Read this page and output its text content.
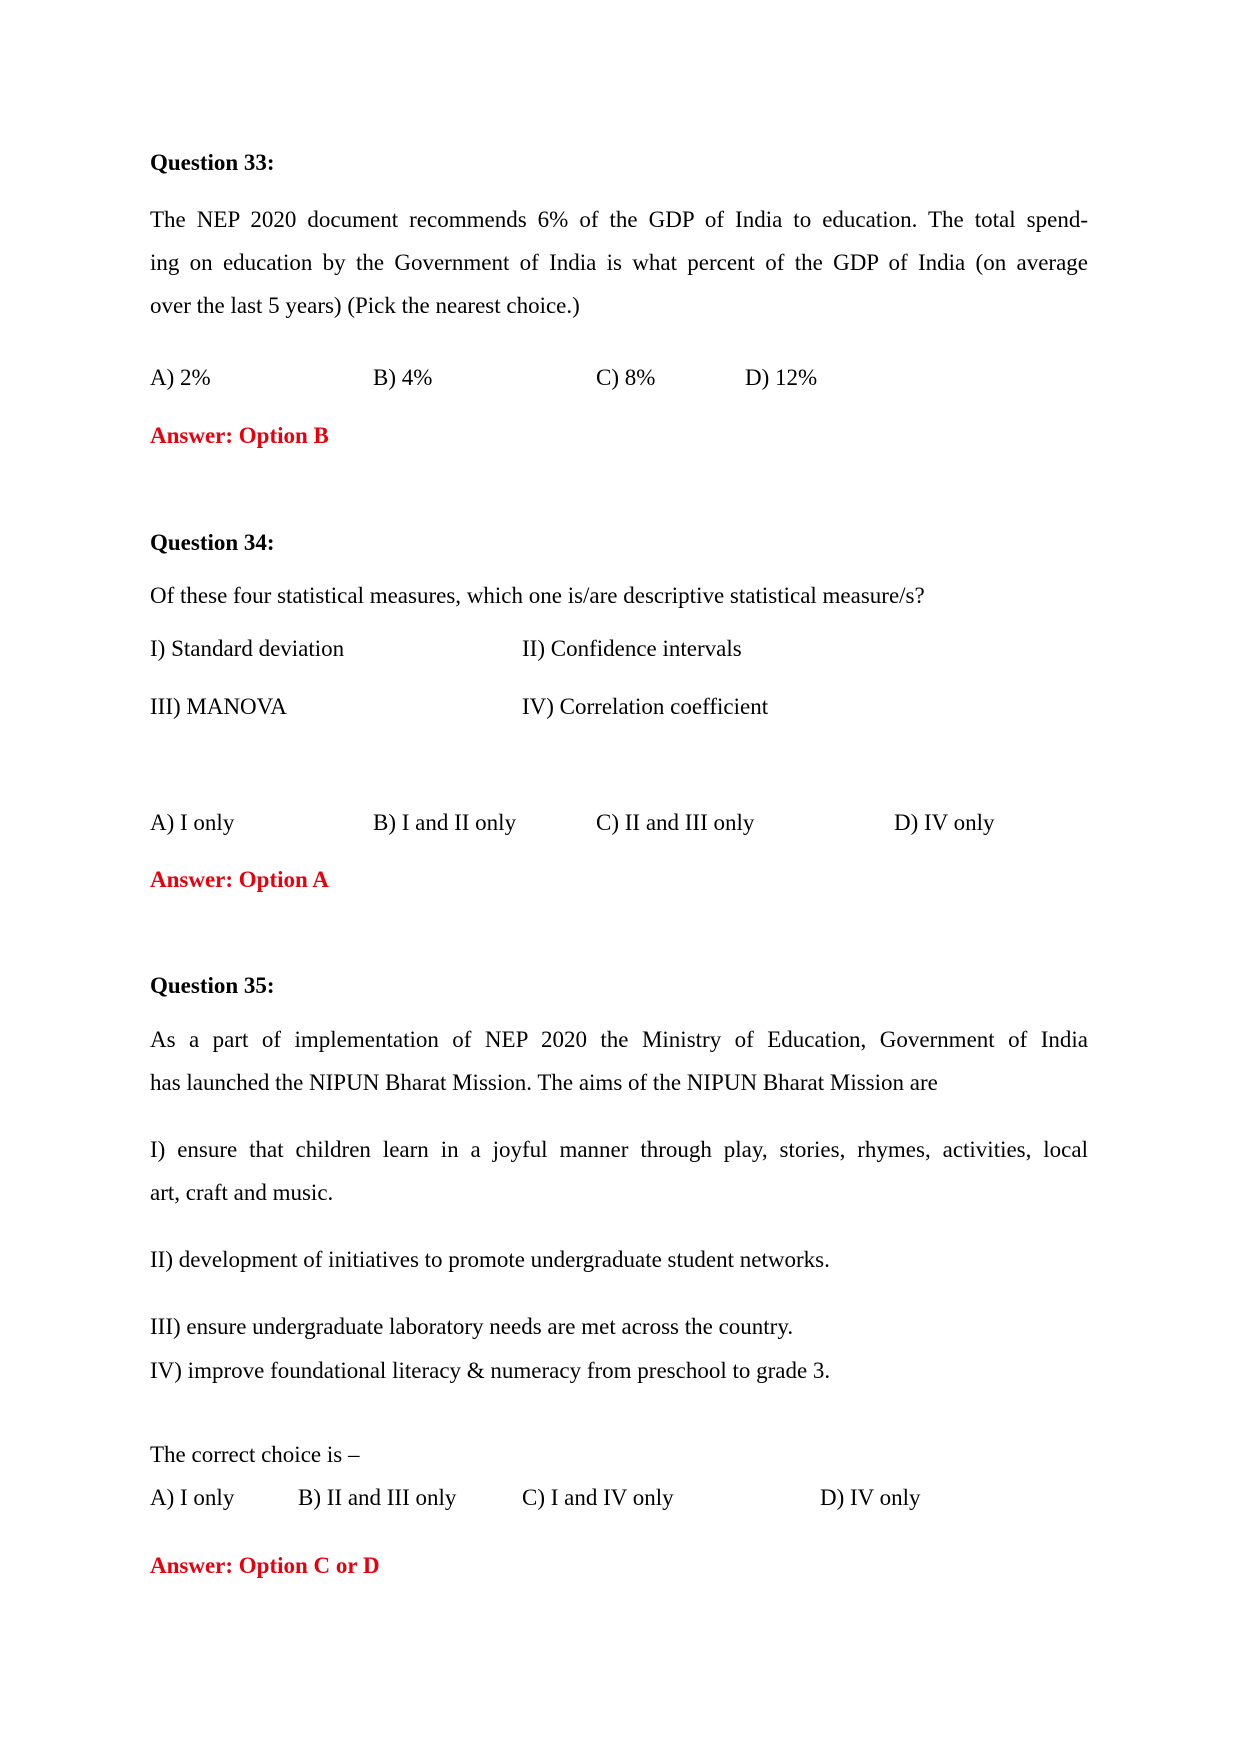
Question 33:
The NEP 2020 document recommends 6% of the GDP of India to education. The total spend-
ing on education by the Government of India is what percent of the GDP of India (on average
over the last 5 years) (Pick the nearest choice.)
A) 2%	B) 4%	C) 8%	D) 12%
Answer: Option B
Question 34:
Of these four statistical measures, which one is/are descriptive statistical measure/s?
I) Standard deviation	II) Confidence intervals
III) MANOVA	IV) Correlation coefficient
A) I only	B) I and II only	C) II and III only	D) IV only
Answer: Option A
Question 35:
As a part of implementation of NEP 2020 the Ministry of Education, Government of India
has launched the NIPUN Bharat Mission. The aims of the NIPUN Bharat Mission are
I) ensure that children learn in a joyful manner through play, stories, rhymes, activities, local
art, craft and music.
II) development of initiatives to promote undergraduate student networks.
III) ensure undergraduate laboratory needs are met across the country.
IV) improve foundational literacy & numeracy from preschool to grade 3.
The correct choice is –
A) I only	B) II and III only	C) I and IV only	D) IV only
Answer: Option C or D
